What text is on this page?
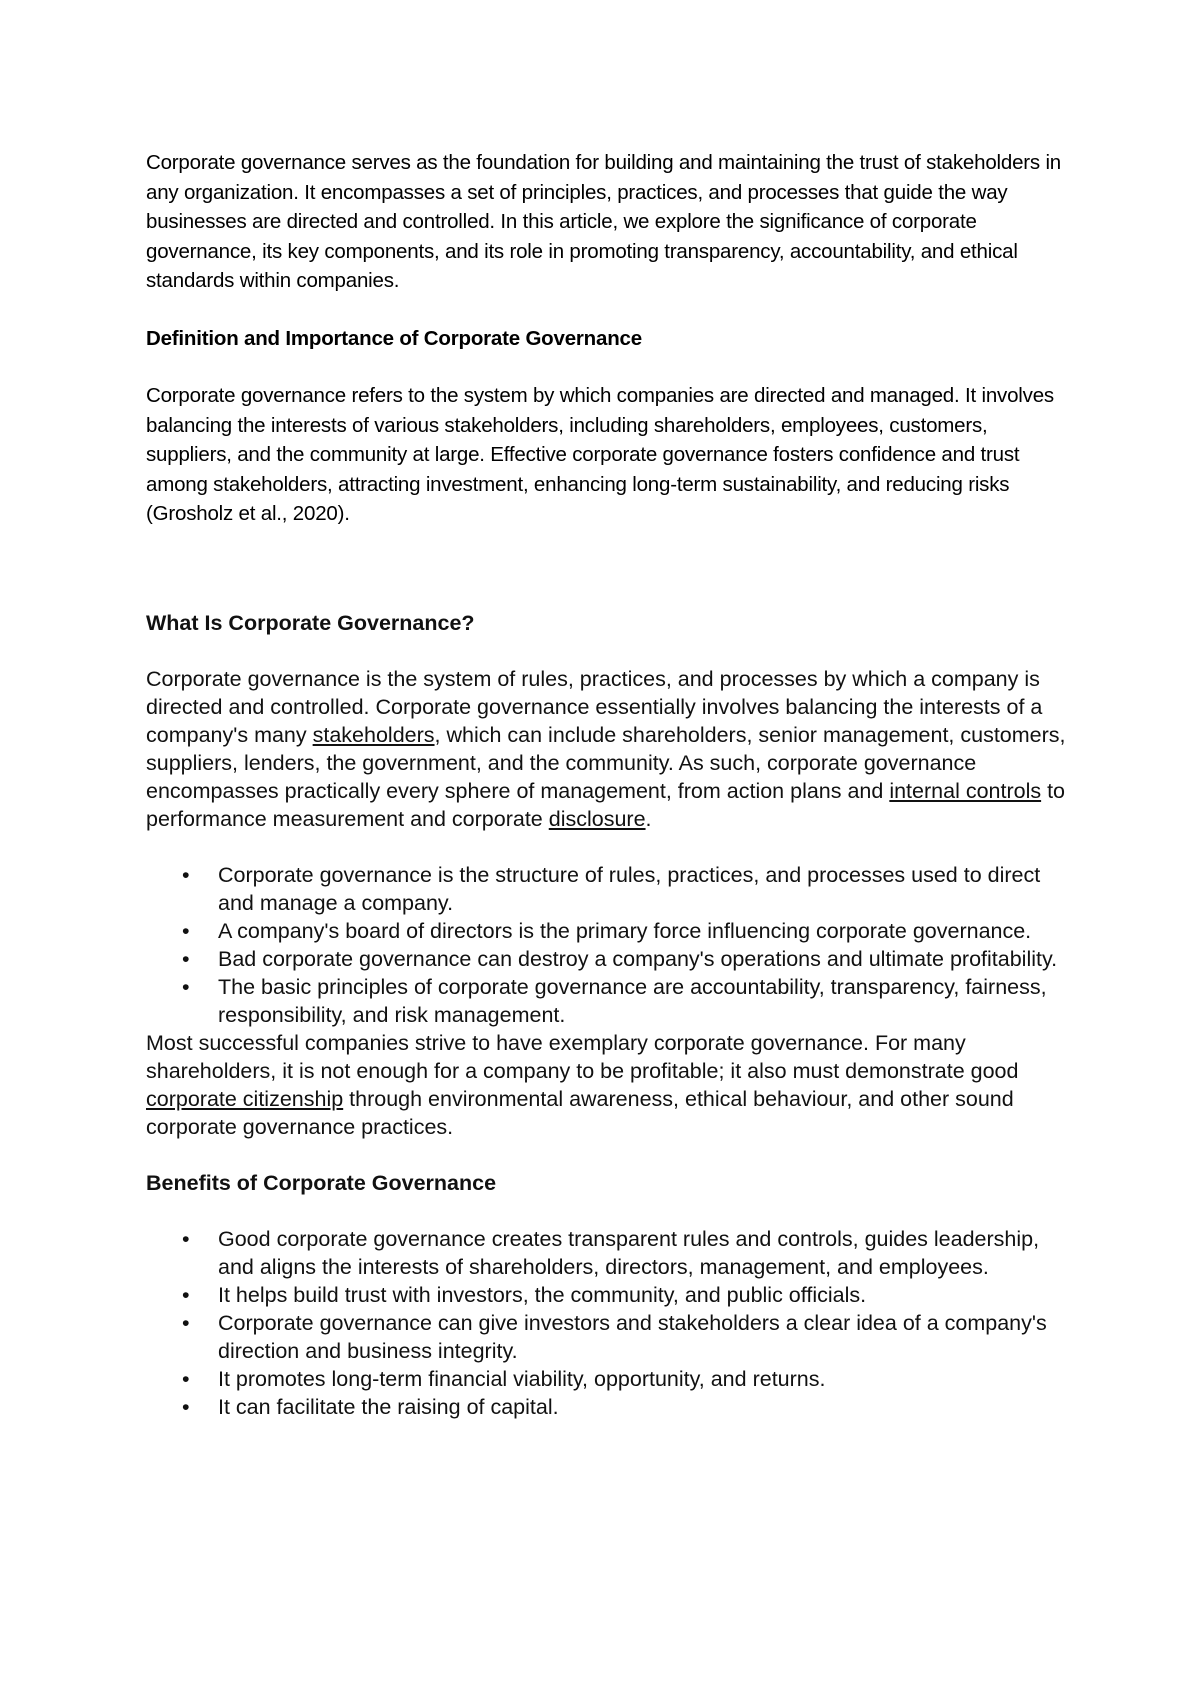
Corporate governance serves as the foundation for building and maintaining the trust of stakeholders in any organization. It encompasses a set of principles, practices, and processes that guide the way businesses are directed and controlled. In this article, we explore the significance of corporate governance, its key components, and its role in promoting transparency, accountability, and ethical standards within companies.

Definition and Importance of Corporate Governance

Corporate governance refers to the system by which companies are directed and managed. It involves balancing the interests of various stakeholders, including shareholders, employees, customers, suppliers, and the community at large. Effective corporate governance fosters confidence and trust among stakeholders, attracting investment, enhancing long-term sustainability, and reducing risks (Grosholz et al., 2020).

What Is Corporate Governance?

Corporate governance is the system of rules, practices, and processes by which a company is directed and controlled. Corporate governance essentially involves balancing the interests of a company's many stakeholders, which can include shareholders, senior management, customers, suppliers, lenders, the government, and the community. As such, corporate governance encompasses practically every sphere of management, from action plans and internal controls to performance measurement and corporate disclosure.

• Corporate governance is the structure of rules, practices, and processes used to direct and manage a company.
• A company's board of directors is the primary force influencing corporate governance.
• Bad corporate governance can destroy a company's operations and ultimate profitability.
• The basic principles of corporate governance are accountability, transparency, fairness, responsibility, and risk management.

Most successful companies strive to have exemplary corporate governance. For many shareholders, it is not enough for a company to be profitable; it also must demonstrate good corporate citizenship through environmental awareness, ethical behaviour, and other sound corporate governance practices.

Benefits of Corporate Governance

• Good corporate governance creates transparent rules and controls, guides leadership, and aligns the interests of shareholders, directors, management, and employees.
• It helps build trust with investors, the community, and public officials.
• Corporate governance can give investors and stakeholders a clear idea of a company's direction and business integrity.
• It promotes long-term financial viability, opportunity, and returns.
• It can facilitate the raising of capital.
